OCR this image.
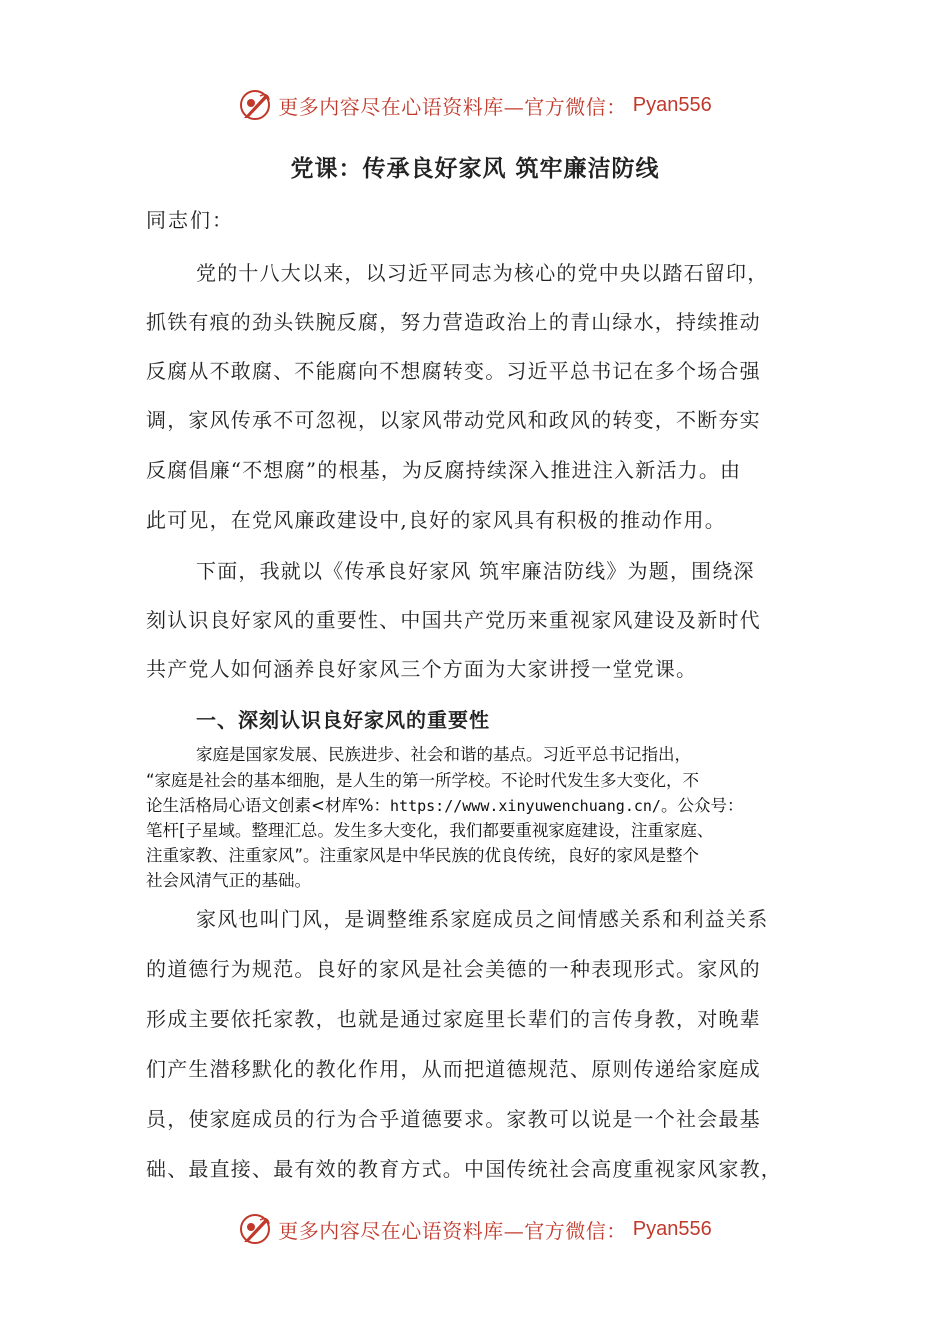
更多内容尽在心语资料库—官方微信： Pyan556
党课：传承良好家风 筑牢廉洁防线
同志们：
党的十八大以来，以习近平同志为核心的党中央以踏石留印，
抓铁有痕的劲头铁腕反腐，努力营造政治上的青山绿水，持续推动
反腐从不敢腐、不能腐向不想腐转变。习近平总书记在多个场合强
调，家风传承不可忽视，以家风带动党风和政风的转变，不断夯实
反腐倡廉“不想腐”的根基，为反腐持续深入推进注入新活力。由
此可见，在党风廉政建设中,良好的家风具有积极的推动作用。
下面，我就以《传承良好家风 筑牢廉洁防线》为题，围绕深
刻认识良好家风的重要性、中国共产党历来重视家风建设及新时代
共产党人如何涵养良好家风三个方面为大家讲授一堂党课。
一、深刻认识良好家风的重要性
家庭是国家发展、民族进步、社会和谐的基点。习近平总书记指出，
“家庭是社会的基本细胞，是人生的第一所学校。不论时代发生多大变化，不
论生活格局心语文创素<材库%：https://www.xinyuwenchuang.cn/。公众号：
笔杆[子星域。整理汇总。发生多大变化，我们都要重视家庭建设，注重家庭、
注重家教、注重家风”。注重家风是中华民族的优良传统，良好的家风是整个
社会风清气正的基础。
家风也叫门风，是调整维系家庭成员之间情感关系和利益关系
的道德行为规范。良好的家风是社会美德的一种表现形式。家风的
形成主要依托家教，也就是通过家庭里长辈们的言传身教，对晚辈
们产生潜移默化的教化作用，从而把道德规范、原则传递给家庭成
员，使家庭成员的行为合乎道德要求。家教可以说是一个社会最基
础、最直接、最有效的教育方式。中国传统社会高度重视家风家教，
更多内容尽在心语资料库—官方微信： Pyan556
